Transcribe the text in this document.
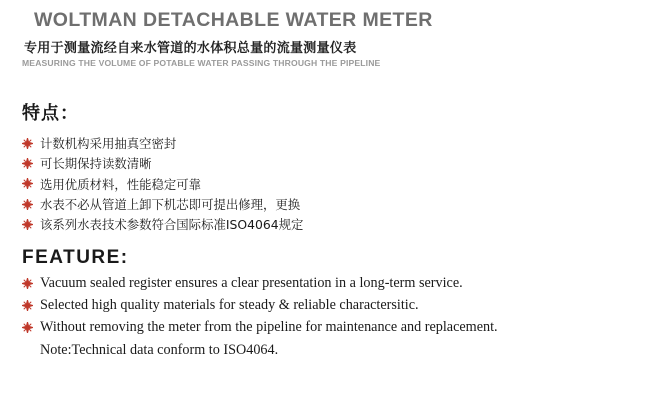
WOLTMAN DETACHABLE WATER METER
专用于测量流经自来水管道的水体积总量的流量测量仪表
MEASURING THE VOLUME OF POTABLE WATER PASSING THROUGH THE PIPELINE
特点：
计数机构采用抽真空密封
可长期保持读数清晰
选用优质材料，性能稳定可靠
水表不必从管道上卸下机芯即可提出修理，更换
该系列水表技术参数符合国际标准ISO4064规定
FEATURE:
Vacuum sealed register ensures a clear presentation in a long-term service.
Selected high quality materials for steady & reliable charactersitic.
Without removing the meter from the pipeline for maintenance and replacement.
Note:Technical data conform to ISO4064.
